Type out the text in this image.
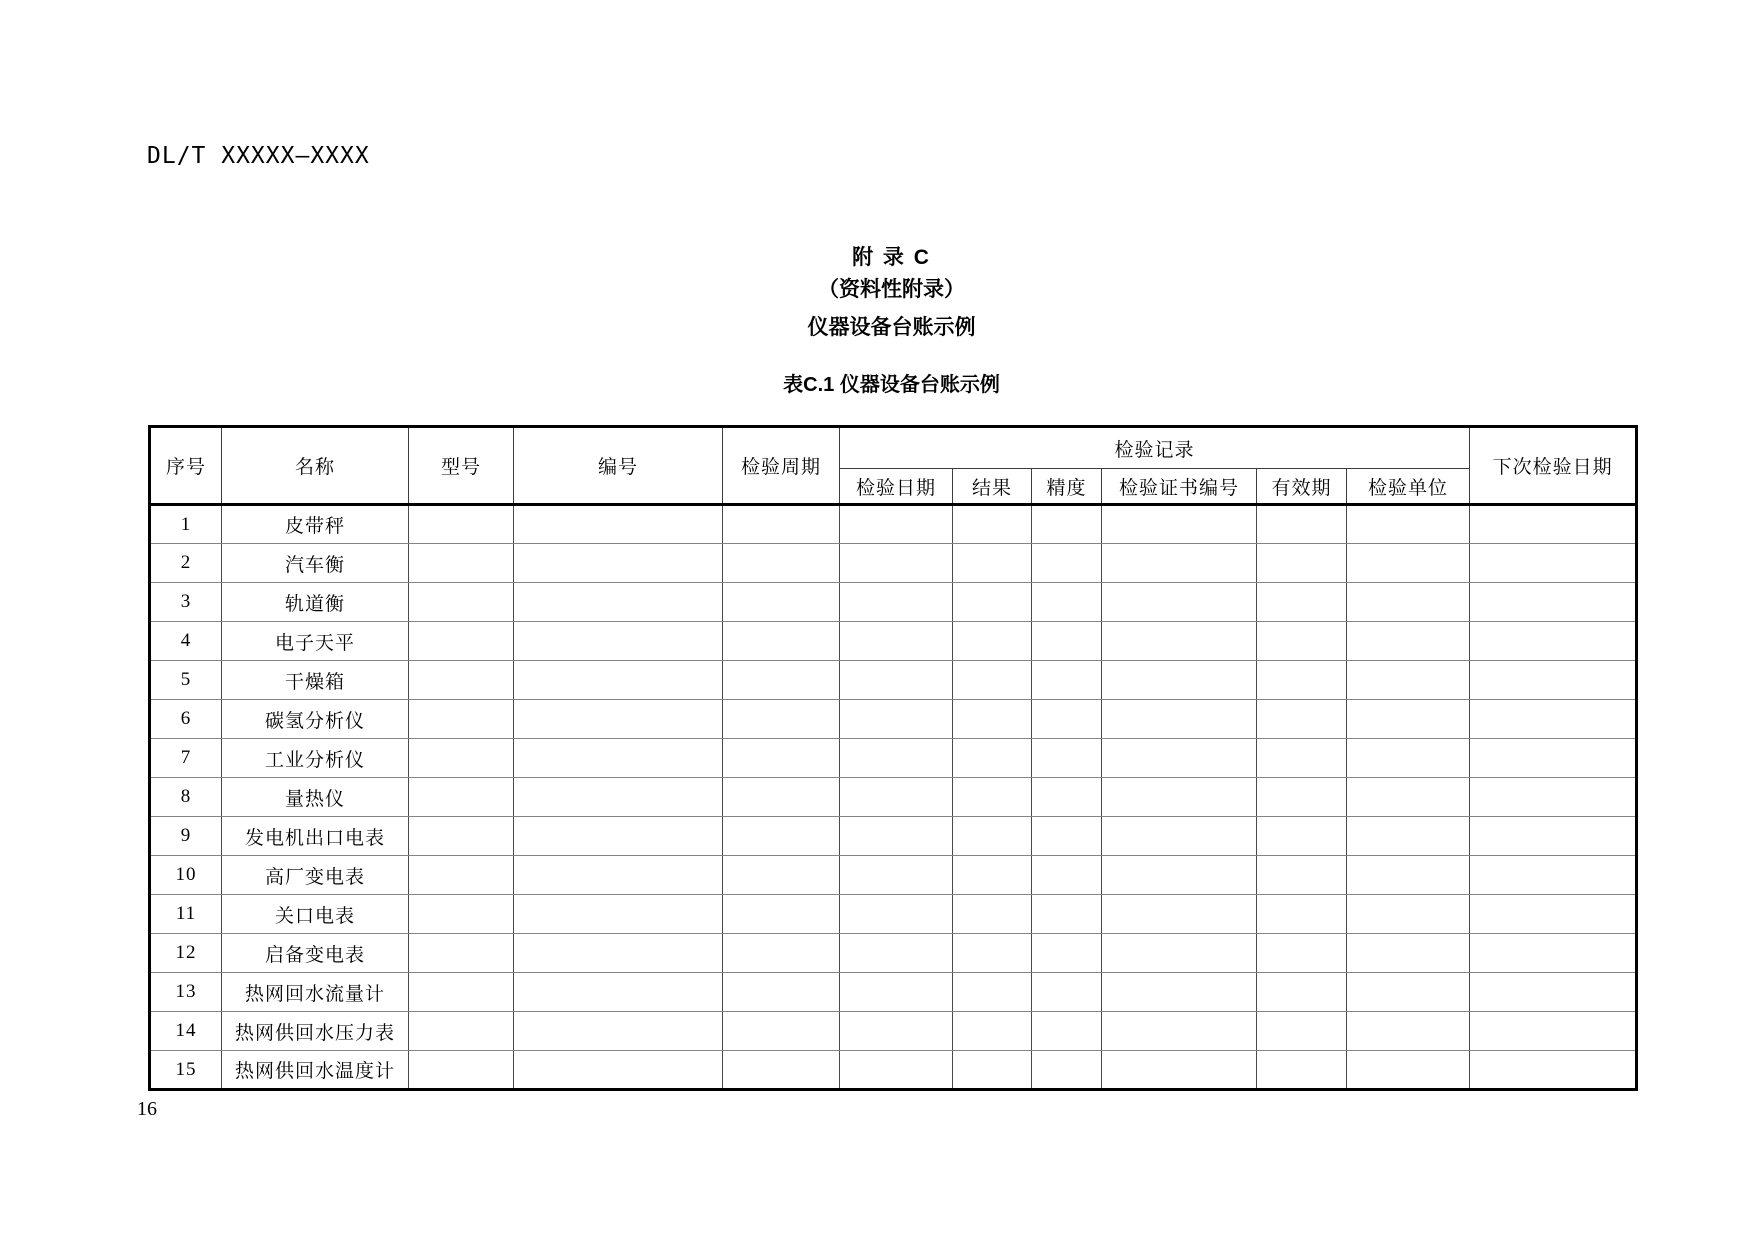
DL/T XXXXX—XXXX
附 录 C
（资料性附录）
仪器设备台账示例
表C.1 仪器设备台账示例
序号	名称	型号	编号	检验周期	检验记录						下次检验日期
					检验日期	结果	精度	检验证书编号	有效期	检验单位	
1	皮带秤										
2	汽车衡										
3	轨道衡										
4	电子天平										
5	干燥箱										
6	碳氢分析仪										
7	工业分析仪										
8	量热仪										
9	发电机出口电表										
10	高厂变电表										
11	关口电表										
12	启备变电表										
13	热网回水流量计										
14	热网供回水压力表										
15	热网供回水温度计										
16
